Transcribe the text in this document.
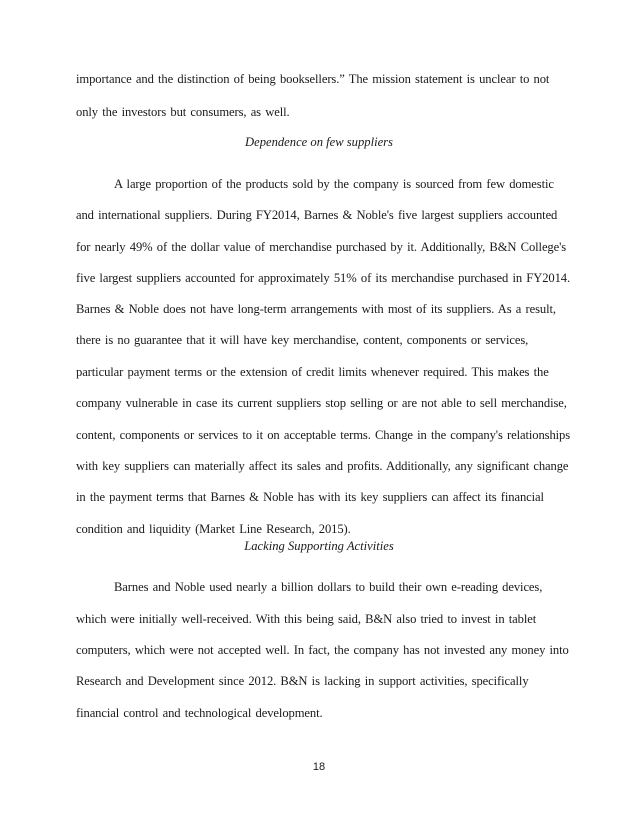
importance and the distinction of being booksellers.” The mission statement is unclear to not
only the investors but consumers, as well.
Dependence on few suppliers
A large proportion of the products sold by the company is sourced from few domestic
and international suppliers. During FY2014, Barnes & Noble's five largest suppliers accounted
for nearly 49% of the dollar value of merchandise purchased by it. Additionally, B&N College's
five largest suppliers accounted for approximately 51% of its merchandise purchased in FY2014.
Barnes & Noble does not have long-term arrangements with most of its suppliers. As a result,
there is no guarantee that it will have key merchandise, content, components or services,
particular payment terms or the extension of credit limits whenever required. This makes the
company vulnerable in case its current suppliers stop selling or are not able to sell merchandise,
content, components or services to it on acceptable terms. Change in the company's relationships
with key suppliers can materially affect its sales and profits. Additionally, any significant change
in the payment terms that Barnes & Noble has with its key suppliers can affect its financial
condition and liquidity (Market Line Research, 2015).
Lacking Supporting Activities
Barnes and Noble used nearly a billion dollars to build their own e-reading devices,
which were initially well-received. With this being said, B&N also tried to invest in tablet
computers, which were not accepted well. In fact, the company has not invested any money into
Research and Development since 2012. B&N is lacking in support activities, specifically
financial control and technological development.
18
